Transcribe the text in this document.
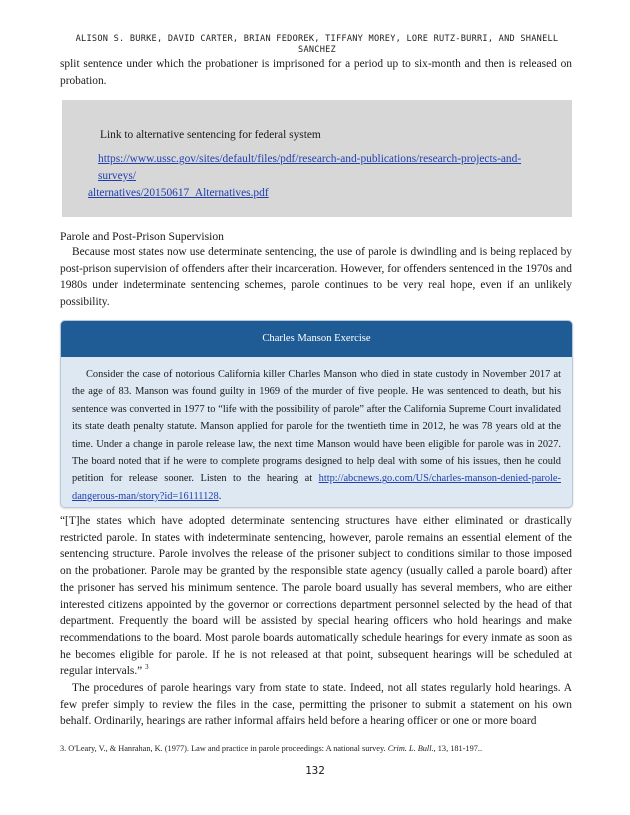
ALISON S. BURKE, DAVID CARTER, BRIAN FEDOREK, TIFFANY MOREY, LORE RUTZ-BURRI, AND SHANELL SANCHEZ

split sentence under which the probationer is imprisoned for a period up to six-month and then is released on probation.

Link to alternative sentencing for federal system
https://www.ussc.gov/sites/default/files/pdf/research-and-publications/research-projects-and-surveys/
alternatives/20150617_Alternatives.pdf
Parole and Post-Prison Supervision

Because most states now use determinate sentencing, the use of parole is dwindling and is being replaced by post-prison supervision of offenders after their incarceration. However, for offenders sentenced in the 1970s and 1980s under indeterminate sentencing schemes, parole continues to be very real hope, even if an unlikely possibility.

Charles Manson Exercise
Consider the case of notorious California killer Charles Manson who died in state custody in November 2017 at the age of 83. Manson was found guilty in 1969 of the murder of five people. He was sentenced to death, but his sentence was converted in 1977 to “life with the possibility of parole” after the California Supreme Court invalidated its state death penalty statute. Manson applied for parole for the twentieth time in 2012, he was 78 years old at the time. Under a change in parole release law, the next time Manson would have been eligible for parole was in 2027. The board noted that if he were to complete programs designed to help deal with some of his issues, then he could petition for release sooner. Listen to the hearing at http://abcnews.go.com/US/charles-manson-denied-parole-dangerous-man/story?id=16111128.

“[T]he states which have adopted determinate sentencing structures have either eliminated or drastically restricted parole. In states with indeterminate sentencing, however, parole remains an essential element of the sentencing structure. Parole involves the release of the prisoner subject to conditions similar to those imposed on the probationer. Parole may be granted by the responsible state agency (usually called a parole board) after the prisoner has served his minimum sentence. The parole board usually has several members, who are either interested citizens appointed by the governor or corrections department personnel selected by the head of that department. Frequently the board will be assisted by special hearing officers who hold hearings and make recommendations to the board. Most parole boards automatically schedule hearings for every inmate as soon as he becomes eligible for parole. If he is not released at that point, subsequent hearings will be scheduled at regular intervals.” $^3$

The procedures of parole hearings vary from state to state. Indeed, not all states regularly hold hearings. A few prefer simply to review the files in the case, permitting the prisoner to submit a statement on his own behalf. Ordinarily, hearings are rather informal affairs held before a hearing officer or one or more board

3. O'Leary, V., & Hanrahan, K. (1977). Law and practice in parole proceedings: A national survey. Crim. L. Bull., 13, 181-197..
132
